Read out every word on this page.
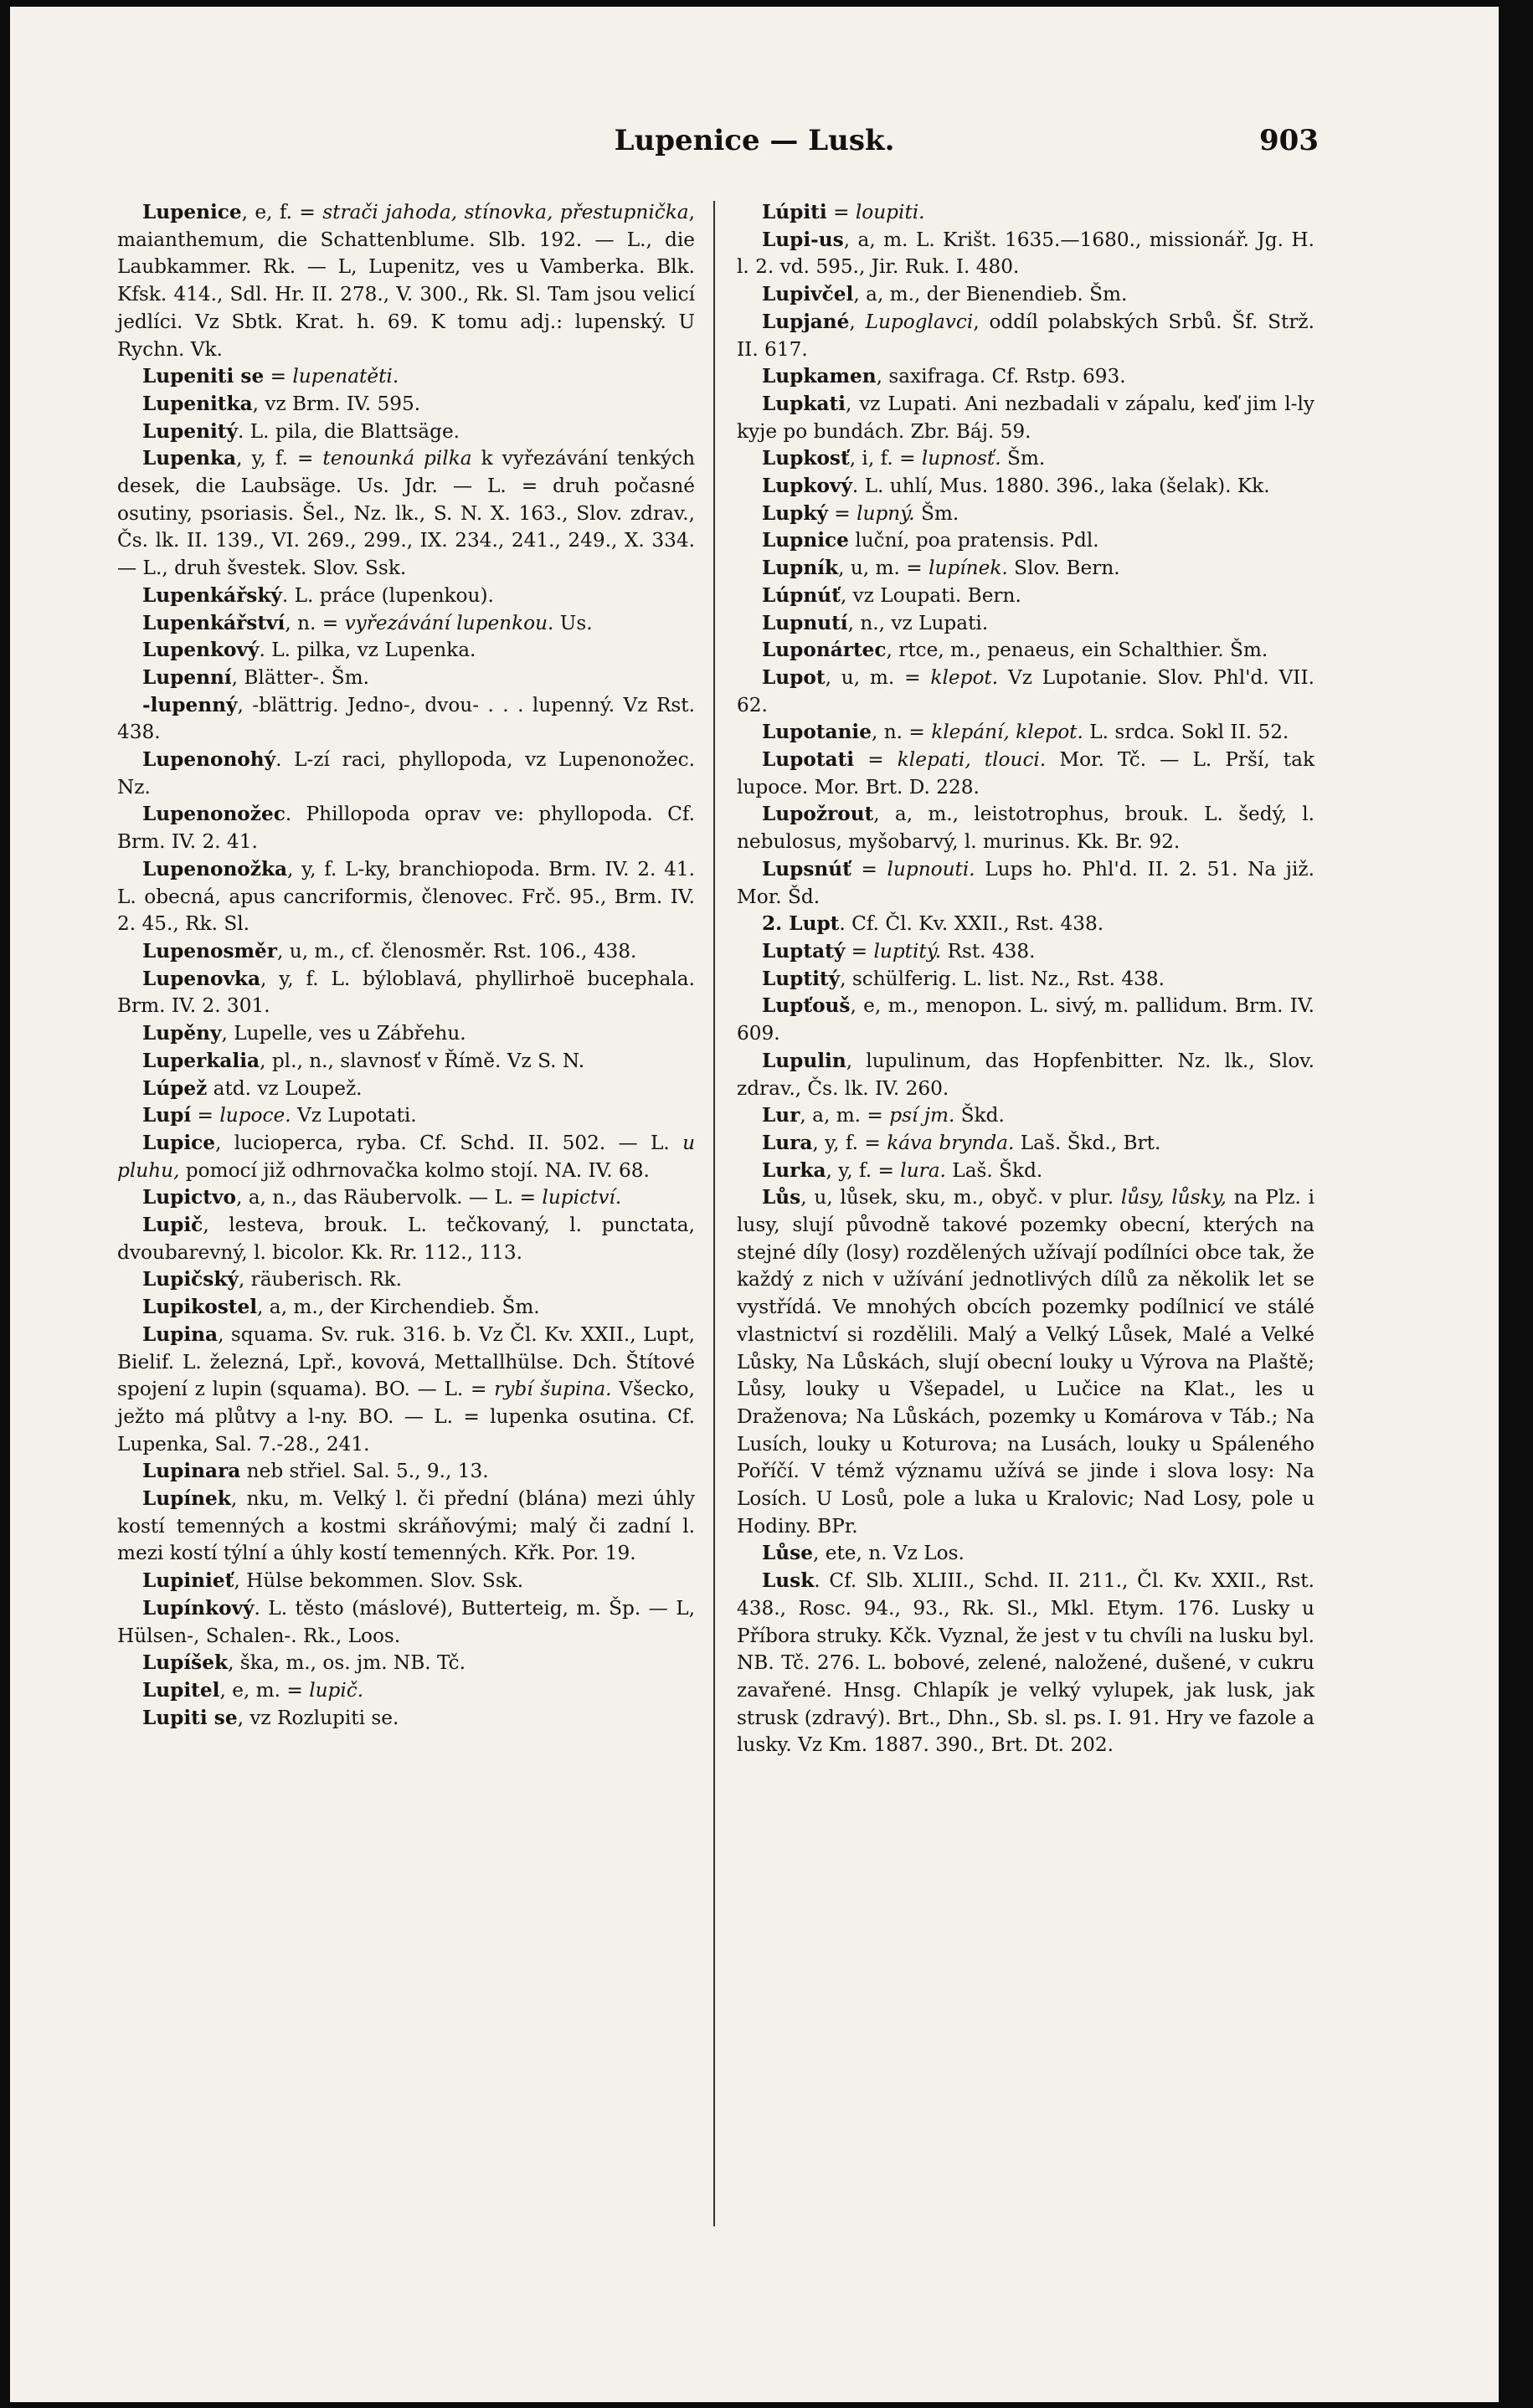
Lupenice — Lusk.	903

Lupenice, e, f. = strači jahoda, stínovka, přestupnička, maianthemum, die Schattenblume. Slb. 192. — L., die Laubkammer. Rk. — L, Lupenitz, ves u Vamberka. Blk. Kfsk. 414., Sdl. Hr. II. 278., V. 300., Rk. Sl. Tam jsou velicí jedlíci. Vz Sbtk. Krat. h. 69. K tomu adj.: lupenský. U Rychn. Vk.

Lupeniti se = lupenatěti.

Lupenitka, vz Brm. IV. 595.

Lupenitý. L. pila, die Blattsäge.

Lupenka, y, f. = tenounká pilka k vyřezávání tenkých desek, die Laubsäge. Us. Jdr. — L. = druh počasné osutiny, psoriasis. Šel., Nz. lk., S. N. X. 163., Slov. zdrav., Čs. lk. II. 139., VI. 269., 299., IX. 234., 241., 249., X. 334. — L., druh švestek. Slov. Ssk.

Lupenkářský. L. práce (lupenkou).

Lupenkářství, n. = vyřezávání lupenkou. Us.

Lupenkový. L. pilka, vz Lupenka.

Lupenní, Blätter-. Šm.

-lupenný, -blättrig. Jedno-, dvou- . . . lupenný. Vz Rst. 438.

Lupenonohý. L-zí raci, phyllopoda, vz Lupenonožec. Nz.

Lupenonožec. Phillopoda oprav ve: phyllopoda. Cf. Brm. IV. 2. 41.

Lupenonožka, y, f. L-ky, branchiopoda. Brm. IV. 2. 41. L. obecná, apus cancriformis, členovec. Frč. 95., Brm. IV. 2. 45., Rk. Sl.

Lupenosměr, u, m., cf. členosměr. Rst. 106., 438.

Lupenovka, y, f. L. býloblavá, phyllirhoë bucephala. Brm. IV. 2. 301.

Lupěny, Lupelle, ves u Zábřehu.

Luperkalia, pl., n., slavnosť v Římě. Vz S. N.

Lúpež atd. vz Loupež.

Lupí = lupoce. Vz Lupotati.

Lupice, lucioperca, ryba. Cf. Schd. II. 502. — L. u pluhu, pomocí již odhrnovačka kolmo stojí. NA. IV. 68.

Lupictvo, a, n., das Räubervolk. — L. = lupictví.

Lupič, lesteva, brouk. L. tečkovaný, l. punctata, dvoubarevný, l. bicolor. Kk. Rr. 112., 113.

Lupičský, räuberisch. Rk.

Lupikostel, a, m., der Kirchendieb. Šm.

Lupina, squama. Sv. ruk. 316. b. Vz Čl. Kv. XXII., Lupt, Bielif. L. železná, Lpř., kovová, Mettallhülse. Dch. Štítové spojení z lupin (squama). BO. — L. = rybí šupina. Všecko, ježto má plůtvy a l-ny. BO. — L. = lupenka osutina. Cf. Lupenka, Sal. 7.-28., 241.

Lupinara neb střiel. Sal. 5., 9., 13.

Lupínek, nku, m. Velký l. či přední (blána) mezi úhly kostí temenných a kostmi skráňovými; malý či zadní l. mezi kostí týlní a úhly kostí temenných. Křk. Por. 19.

Lupinieť, Hülse bekommen. Slov. Ssk.

Lupínkový. L. těsto (máslové), Butterteig, m. Šp. — L, Hülsen-, Schalen-. Rk., Loos.

Lupíšek, ška, m., os. jm. NB. Tč.

Lupitel, e, m. = lupič.

Lupiti se, vz Rozlupiti se.

Lúpiti = loupiti.

Lupi-us, a, m. L. Krišt. 1635.—1680., missionář. Jg. H. l. 2. vd. 595., Jir. Ruk. I. 480.

Lupivčel, a, m., der Bienendieb. Šm.

Lupjané, Lupoglavci, oddíl polabských Srbů. Šf. Strž. II. 617.

Lupkamen, saxifraga. Cf. Rstp. 693.

Lupkati, vz Lupati. Ani nezbadali v zápalu, keď jim l-ly kyje po bundách. Zbr. Báj. 59.

Lupkosť, i, f. = lupnosť. Šm.

Lupkový. L. uhlí, Mus. 1880. 396., laka (šelak). Kk.

Lupký = lupný. Šm.

Lupnice luční, poa pratensis. Pdl.

Lupník, u, m. = lupínek. Slov. Bern.

Lúpnúť, vz Loupati. Bern.

Lupnutí, n., vz Lupati.

Luponártec, rtce, m., penaeus, ein Schalthier. Šm.

Lupot, u, m. = klepot. Vz Lupotanie. Slov. Phl'd. VII. 62.

Lupotanie, n. = klepání, klepot. L. srdca. Sokl II. 52.

Lupotati = klepati, tlouci. Mor. Tč. — L. Prší, tak lupoce. Mor. Brt. D. 228.

Lupožrout, a, m., leistotrophus, brouk. L. šedý, l. nebulosus, myšobarvý, l. murinus. Kk. Br. 92.

Lupsnúť = lupnouti. Lups ho. Phl'd. II. 2. 51. Na již. Mor. Šd.

2. Lupt. Cf. Čl. Kv. XXII., Rst. 438.

Luptatý = luptitý. Rst. 438.

Luptitý, schülferig. L. list. Nz., Rst. 438.

Lupťouš, e, m., menopon. L. sivý, m. pallidum. Brm. IV. 609.

Lupulin, lupulinum, das Hopfenbitter. Nz. lk., Slov. zdrav., Čs. lk. IV. 260.

Lur, a, m. = psí jm. Škd.

Lura, y, f. = káva brynda. Laš. Škd., Brt.

Lurka, y, f. = lura. Laš. Škd.

Lůs, u, lůsek, sku, m., obyč. v plur. lůsy, lůsky, na Plz. i lusy, slují původně takové pozemky obecní, kterých na stejné díly (losy) rozdělených užívají podílníci obce tak, že každý z nich v užívání jednotlivých dílů za několik let se vystřídá. Ve mnohých obcích pozemky podílnicí ve stálé vlastnictví si rozdělili. Malý a Velký Lůsek, Malé a Velké Lůsky, Na Lůskách, slují obecní louky u Výrova na Plaště; Lůsy, louky u Všepadel, u Lučice na Klat., les u Draženova; Na Lůskách, pozemky u Komárova v Táb.; Na Lusích, louky u Koturova; na Lusách, louky u Spáleného Poříčí. V témž významu užívá se jinde i slova losy: Na Losích. U Losů, pole a luka u Kralovic; Nad Losy, pole u Hodiny. BPr.

Lůse, ete, n. Vz Los.

Lusk. Cf. Slb. XLIII., Schd. II. 211., Čl. Kv. XXII., Rst. 438., Rosc. 94., 93., Rk. Sl., Mkl. Etym. 176. Lusky u Příbora struky. Kčk. Vyznal, že jest v tu chvíli na lusku byl. NB. Tč. 276. L. bobové, zelené, naložené, dušené, v cukru zavařené. Hnsg. Chlapík je velký vylupek, jak lusk, jak strusk (zdravý). Brt., Dhn., Sb. sl. ps. I. 91. Hry ve fazole a lusky. Vz Km. 1887. 390., Brt. Dt. 202.
